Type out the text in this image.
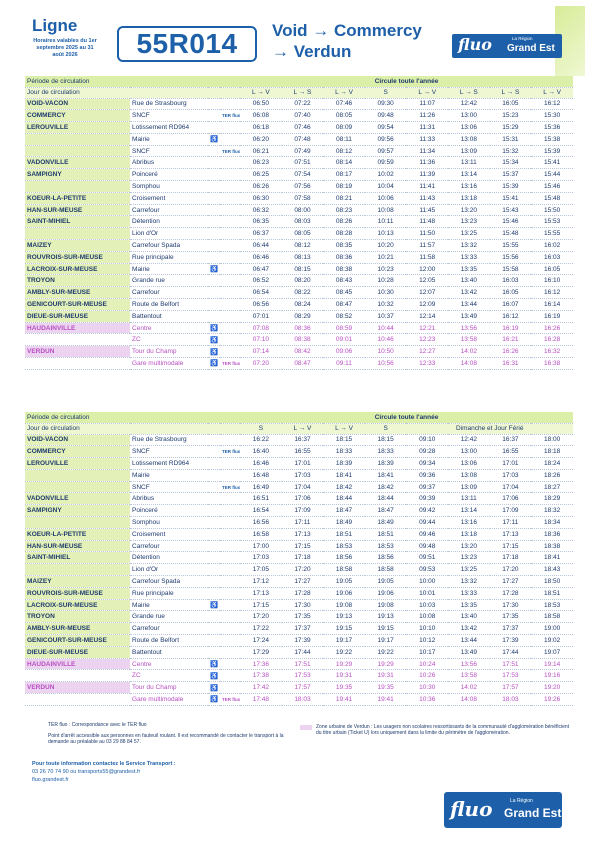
Ligne
Horaires valables du 1er septembre 2025 au 31 août 2026	55R014	Void → Commercy
→ Verdun	fluo	La Région
Grand Est
Période de circulation				Circule toute l'année							
Jour de circulation				L → V	L → S	L → V	S	L → V	L → S	L → S	L → V
VOID-VACON	Rue de Strasbourg			06:50	07:22	07:46	09:30	11:07	12:42	16:05	16:12
COMMERCY	SNCF		TER fluo	06:08	07:40	08:05	09:48	11:26	13:00	15:23	15:30
LEROUVILLE	Lotissement RD964			06:18	07:46	08:09	09:54	11:31	13:06	15:29	15:36
	Mairie	♿		06:20	07:48	08:11	09:56	11:33	13:08	15:31	15:38
	SNCF		TER fluo	06:21	07:49	08:12	09:57	11:34	13:09	15:32	15:39
VADONVILLE	Abribus			06:23	07:51	08:14	09:59	11:36	13:11	15:34	15:41
SAMPIGNY	Poinceré			06:25	07:54	08:17	10:02	11:39	13:14	15:37	15:44
	Somphou			06:26	07:56	08:19	10:04	11:41	13:16	15:39	15:46
KOEUR-LA-PETITE	Croisement			06:30	07:58	08:21	10:06	11:43	13:18	15:41	15:48
HAN-SUR-MEUSE	Carrefour			06:32	08:00	08:23	10:08	11:45	13:20	15:43	15:50
SAINT-MIHIEL	Détention			06:35	08:03	08:26	10:11	11:48	13:23	15:46	15:53
	Lion d'Or			06:37	08:05	08:28	10:13	11:50	13:25	15:48	15:55
MAIZEY	Carrefour Spada			06:44	08:12	08:35	10:20	11:57	13:32	15:55	16:02
ROUVROIS-SUR-MEUSE	Rue principale			06:46	08:13	08:36	10:21	11:58	13:33	15:56	16:03
LACROIX-SUR-MEUSE	Mairie	♿		06:47	08:15	08:38	10:23	12:00	13:35	15:58	16:05
TROYON	Grande rue			06:52	08:20	08:43	10:28	12:05	13:40	16:03	16:10
AMBLY-SUR-MEUSE	Carrefour			06:54	08:22	08:45	10:30	12:07	13:42	16:05	16:12
GENICOURT-SUR-MEUSE	Route de Belfort			06:56	08:24	08:47	10:32	12:09	13:44	16:07	16:14
DIEUE-SUR-MEUSE	Battentout			07:01	08:29	08:52	10:37	12:14	13:49	16:12	16:19
HAUDAINVILLE	Centre	♿		07:08	08:36	08:59	10:44	12:21	13:56	16:19	16:26
	ZC	♿		07:10	08:38	09:01	10:46	12:23	13:58	16:21	16:28
VERDUN	Tour du Champ	♿		07:14	08:42	09:06	10:50	12:27	14:02	16:26	16:32
	Gare multimodale	♿	TER fluo	07:20	08:47	09:11	10:56	12:33	14:08	16:31	16:38
Période de circulation				Circule toute l'année							
Jour de circulation				S	L → V	L → V	S	Dimanche et Jour Férié			
VOID-VACON	Rue de Strasbourg			16:22	16:37	18:15	18:15	09:10	12:42	16:37	18:00
COMMERCY	SNCF		TER fluo	16:40	16:55	18:33	18:33	09:28	13:00	16:55	18:18
LEROUVILLE	Lotissement RD964			16:46	17:01	18:39	18:39	09:34	13:06	17:01	18:24
	Mairie			16:48	17:03	18:41	18:41	09:36	13:08	17:03	18:26
	SNCF		TER fluo	16:49	17:04	18:42	18:42	09:37	13:09	17:04	18:27
VADONVILLE	Abribus			16:51	17:06	18:44	18:44	09:39	13:11	17:06	18:29
SAMPIGNY	Poinceré			16:54	17:09	18:47	18:47	09:42	13:14	17:09	18:32
	Somphou			16:56	17:11	18:49	18:49	09:44	13:16	17:11	18:34
KOEUR-LA-PETITE	Croisement			16:58	17:13	18:51	18:51	09:46	13:18	17:13	18:36
HAN-SUR-MEUSE	Carrefour			17:00	17:15	18:53	18:53	09:48	13:20	17:15	18:38
SAINT-MIHIEL	Détention			17:03	17:18	18:56	18:56	09:51	13:23	17:18	18:41
	Lion d'Or			17:05	17:20	18:58	18:58	09:53	13:25	17:20	18:43
MAIZEY	Carrefour Spada			17:12	17:27	19:05	19:05	10:00	13:32	17:27	18:50
ROUVROIS-SUR-MEUSE	Rue principale			17:13	17:28	19:06	19:06	10:01	13:33	17:28	18:51
LACROIX-SUR-MEUSE	Mairie	♿		17:15	17:30	19:08	19:08	10:03	13:35	17:30	18:53
TROYON	Grande rue			17:20	17:35	19:13	19:13	10:08	13:40	17:35	18:58
AMBLY-SUR-MEUSE	Carrefour			17:22	17:37	19:15	19:15	10:10	13:42	17:37	19:00
GENICOURT-SUR-MEUSE	Route de Belfort			17:24	17:39	19:17	19:17	10:12	13:44	17:39	19:02
DIEUE-SUR-MEUSE	Battentout			17:29	17:44	19:22	19:22	10:17	13:49	17:44	19:07
HAUDAINVILLE	Centre	♿		17:36	17:51	19:29	19:29	10:24	13:56	17:51	19:14
	ZC	♿		17:38	17:53	19:31	19:31	10:26	13:58	17:53	19:16
VERDUN	Tour du Champ	♿		17:42	17:57	19:35	19:35	10:30	14:02	17:57	19:20
	Gare multimodale	♿	TER fluo	17:48	18:03	19:41	19:41	10:36	14:08	18:03	19:26
TER fluo : Correspondance avec le TER fluo
Point d'arrêt accessible aux personnes en fauteuil roulant. Il est recommandé de contacter le transport à la demande au préalable au 03 29 88 84 57.
Zone urbaine de Verdun : Les usagers non scolaires ressortissants de la communauté d'agglomération bénéficient du titre urbain (Ticket U) lors uniquement dans la limite du périmètre de l'agglomération.
Pour toute information contactez le Service Transport :
03 26 70 74 90 ou transports55@grandest.fr
fluo.grandest.fr
fluo	La Région
Grand Est
